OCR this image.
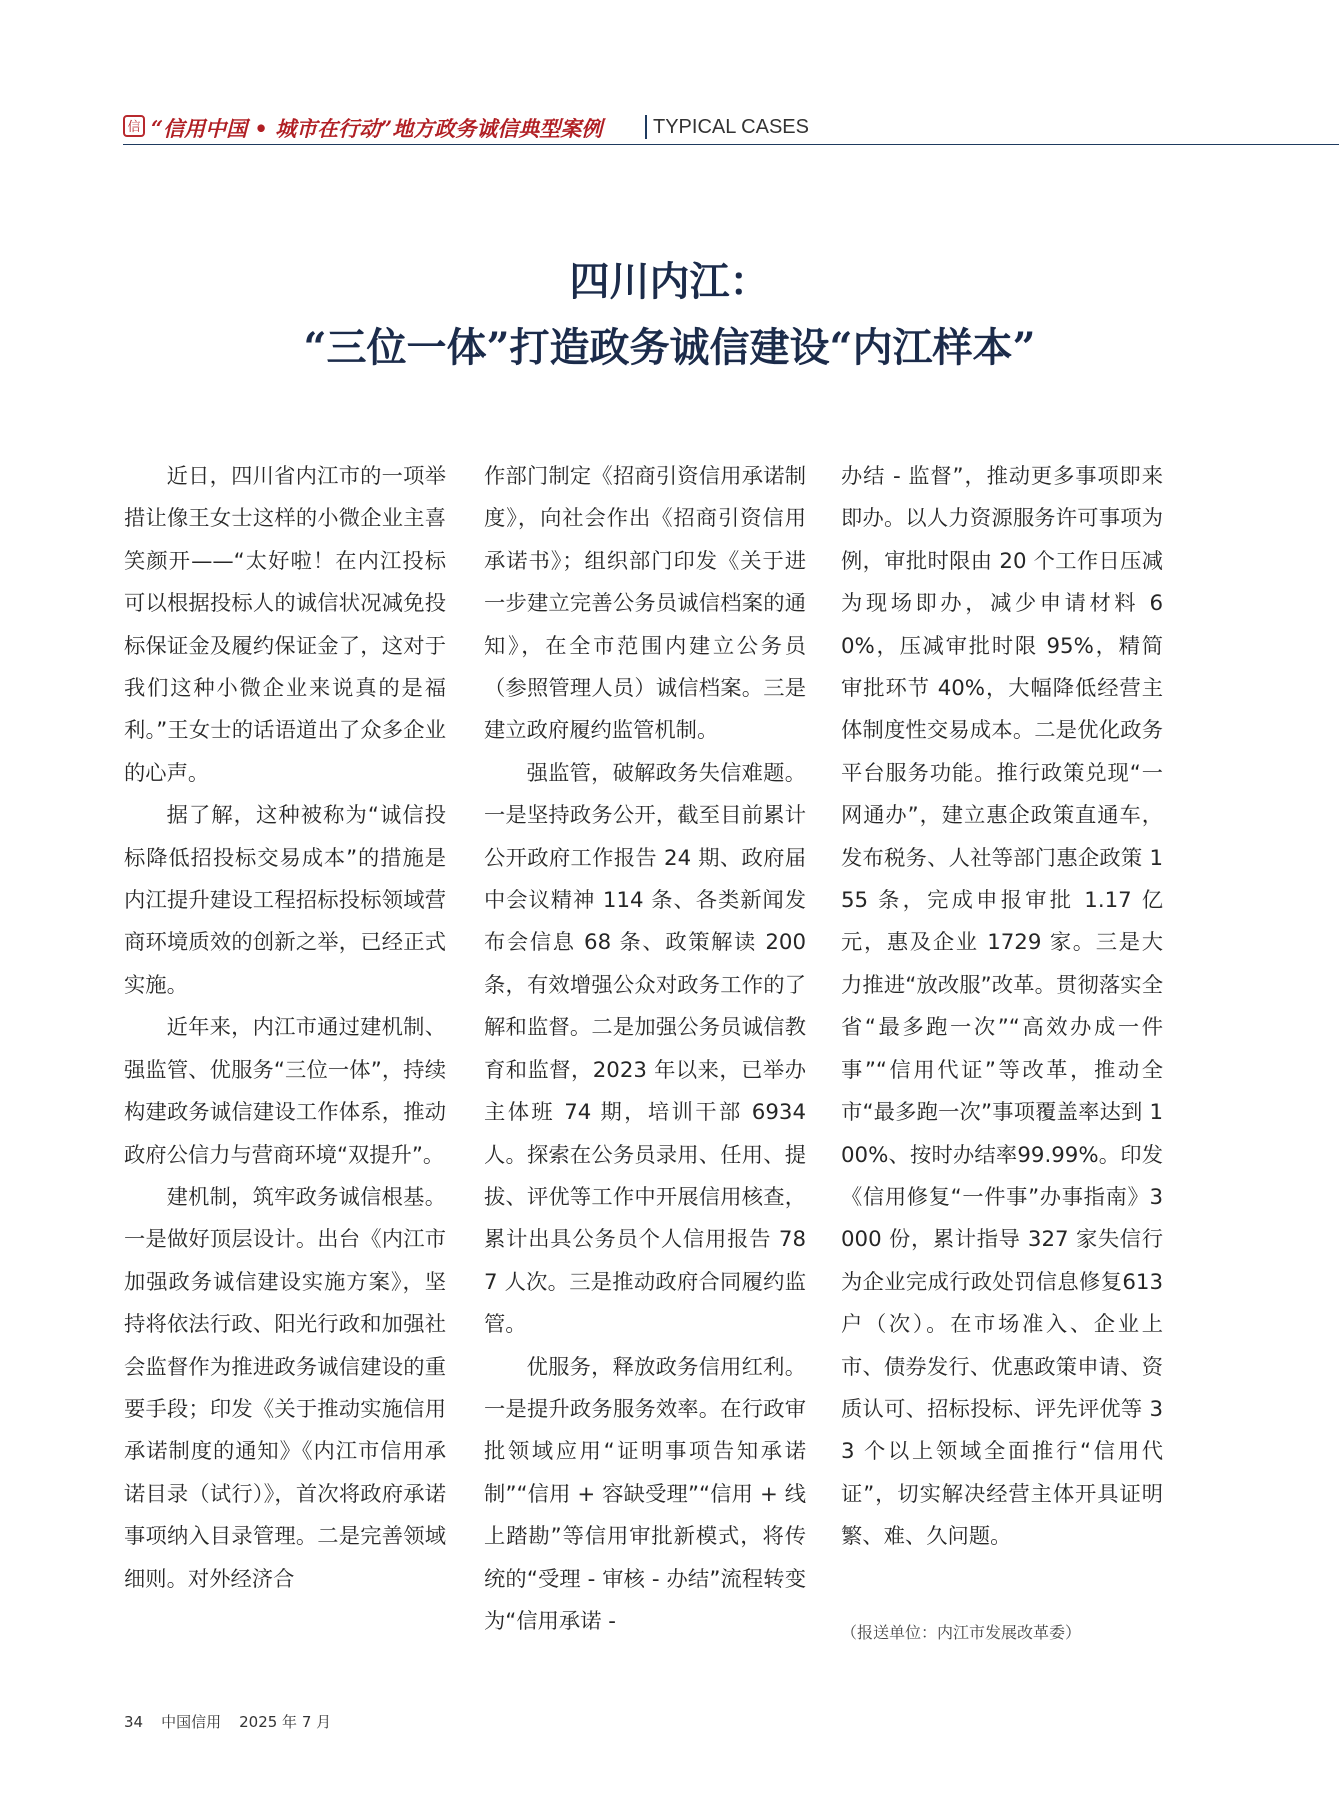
信 “信用中国 • 城市在行动”地方政务诚信典型案例	TYPICAL CASES
四川内江：
“三位一体”打造政务诚信建设“内江样本”

近日，四川省内江市的一项举措让像王女士这样的小微企业主喜笑颜开——“太好啦！在内江投标可以根据投标人的诚信状况减免投标保证金及履约保证金了，这对于我们这种小微企业来说真的是福利。”王女士的话语道出了众多企业的心声。

据了解，这种被称为“诚信投标降低招投标交易成本”的措施是内江提升建设工程招标投标领域营商环境质效的创新之举，已经正式实施。

近年来，内江市通过建机制、强监管、优服务“三位一体”，持续构建政务诚信建设工作体系，推动政府公信力与营商环境“双提升”。

建机制，筑牢政务诚信根基。一是做好顶层设计。出台《内江市加强政务诚信建设实施方案》，坚持将依法行政、阳光行政和加强社会监督作为推进政务诚信建设的重要手段；印发《关于推动实施信用承诺制度的通知》《内江市信用承诺目录（试行）》，首次将政府承诺事项纳入目录管理。二是完善领域细则。对外经济合

作部门制定《招商引资信用承诺制度》，向社会作出《招商引资信用承诺书》；组织部门印发《关于进一步建立完善公务员诚信档案的通知》，在全市范围内建立公务员（参照管理人员）诚信档案。三是建立政府履约监管机制。

强监管，破解政务失信难题。一是坚持政务公开，截至目前累计公开政府工作报告 24 期、政府届中会议精神 114 条、各类新闻发布会信息 68 条、政策解读 200 条，有效增强公众对政务工作的了解和监督。二是加强公务员诚信教育和监督，2023 年以来，已举办主体班 74 期，培训干部 6934 人。探索在公务员录用、任用、提拔、评优等工作中开展信用核查，累计出具公务员个人信用报告 787 人次。三是推动政府合同履约监管。

优服务，释放政务信用红利。一是提升政务服务效率。在行政审批领域应用“证明事项告知承诺制”“信用 + 容缺受理”“信用 + 线上踏勘”等信用审批新模式，将传统的“受理 - 审核 - 办结”流程转变为“信用承诺 -

办结 - 监督”，推动更多事项即来即办。以人力资源服务许可事项为例，审批时限由 20 个工作日压减为现场即办，减少申请材料 60%，压减审批时限 95%，精简审批环节 40%，大幅降低经营主体制度性交易成本。二是优化政务平台服务功能。推行政策兑现“一网通办”，建立惠企政策直通车，发布税务、人社等部门惠企政策 155 条，完成申报审批 1.17 亿元，惠及企业 1729 家。三是大力推进“放改服”改革。贯彻落实全省“最多跑一次”“高效办成一件事”“信用代证”等改革，推动全市“最多跑一次”事项覆盖率达到 100%、按时办结率99.99%。印发《信用修复“一件事”办事指南》3000 份，累计指导 327 家失信行为企业完成行政处罚信息修复613户（次）。在市场准入、企业上市、债券发行、优惠政策申请、资质认可、招标投标、评先评优等 33 个以上领域全面推行“信用代证”，切实解决经营主体开具证明繁、难、久问题。

（报送单位：内江市发展改革委）
34 中国信用 2025 年 7 月
